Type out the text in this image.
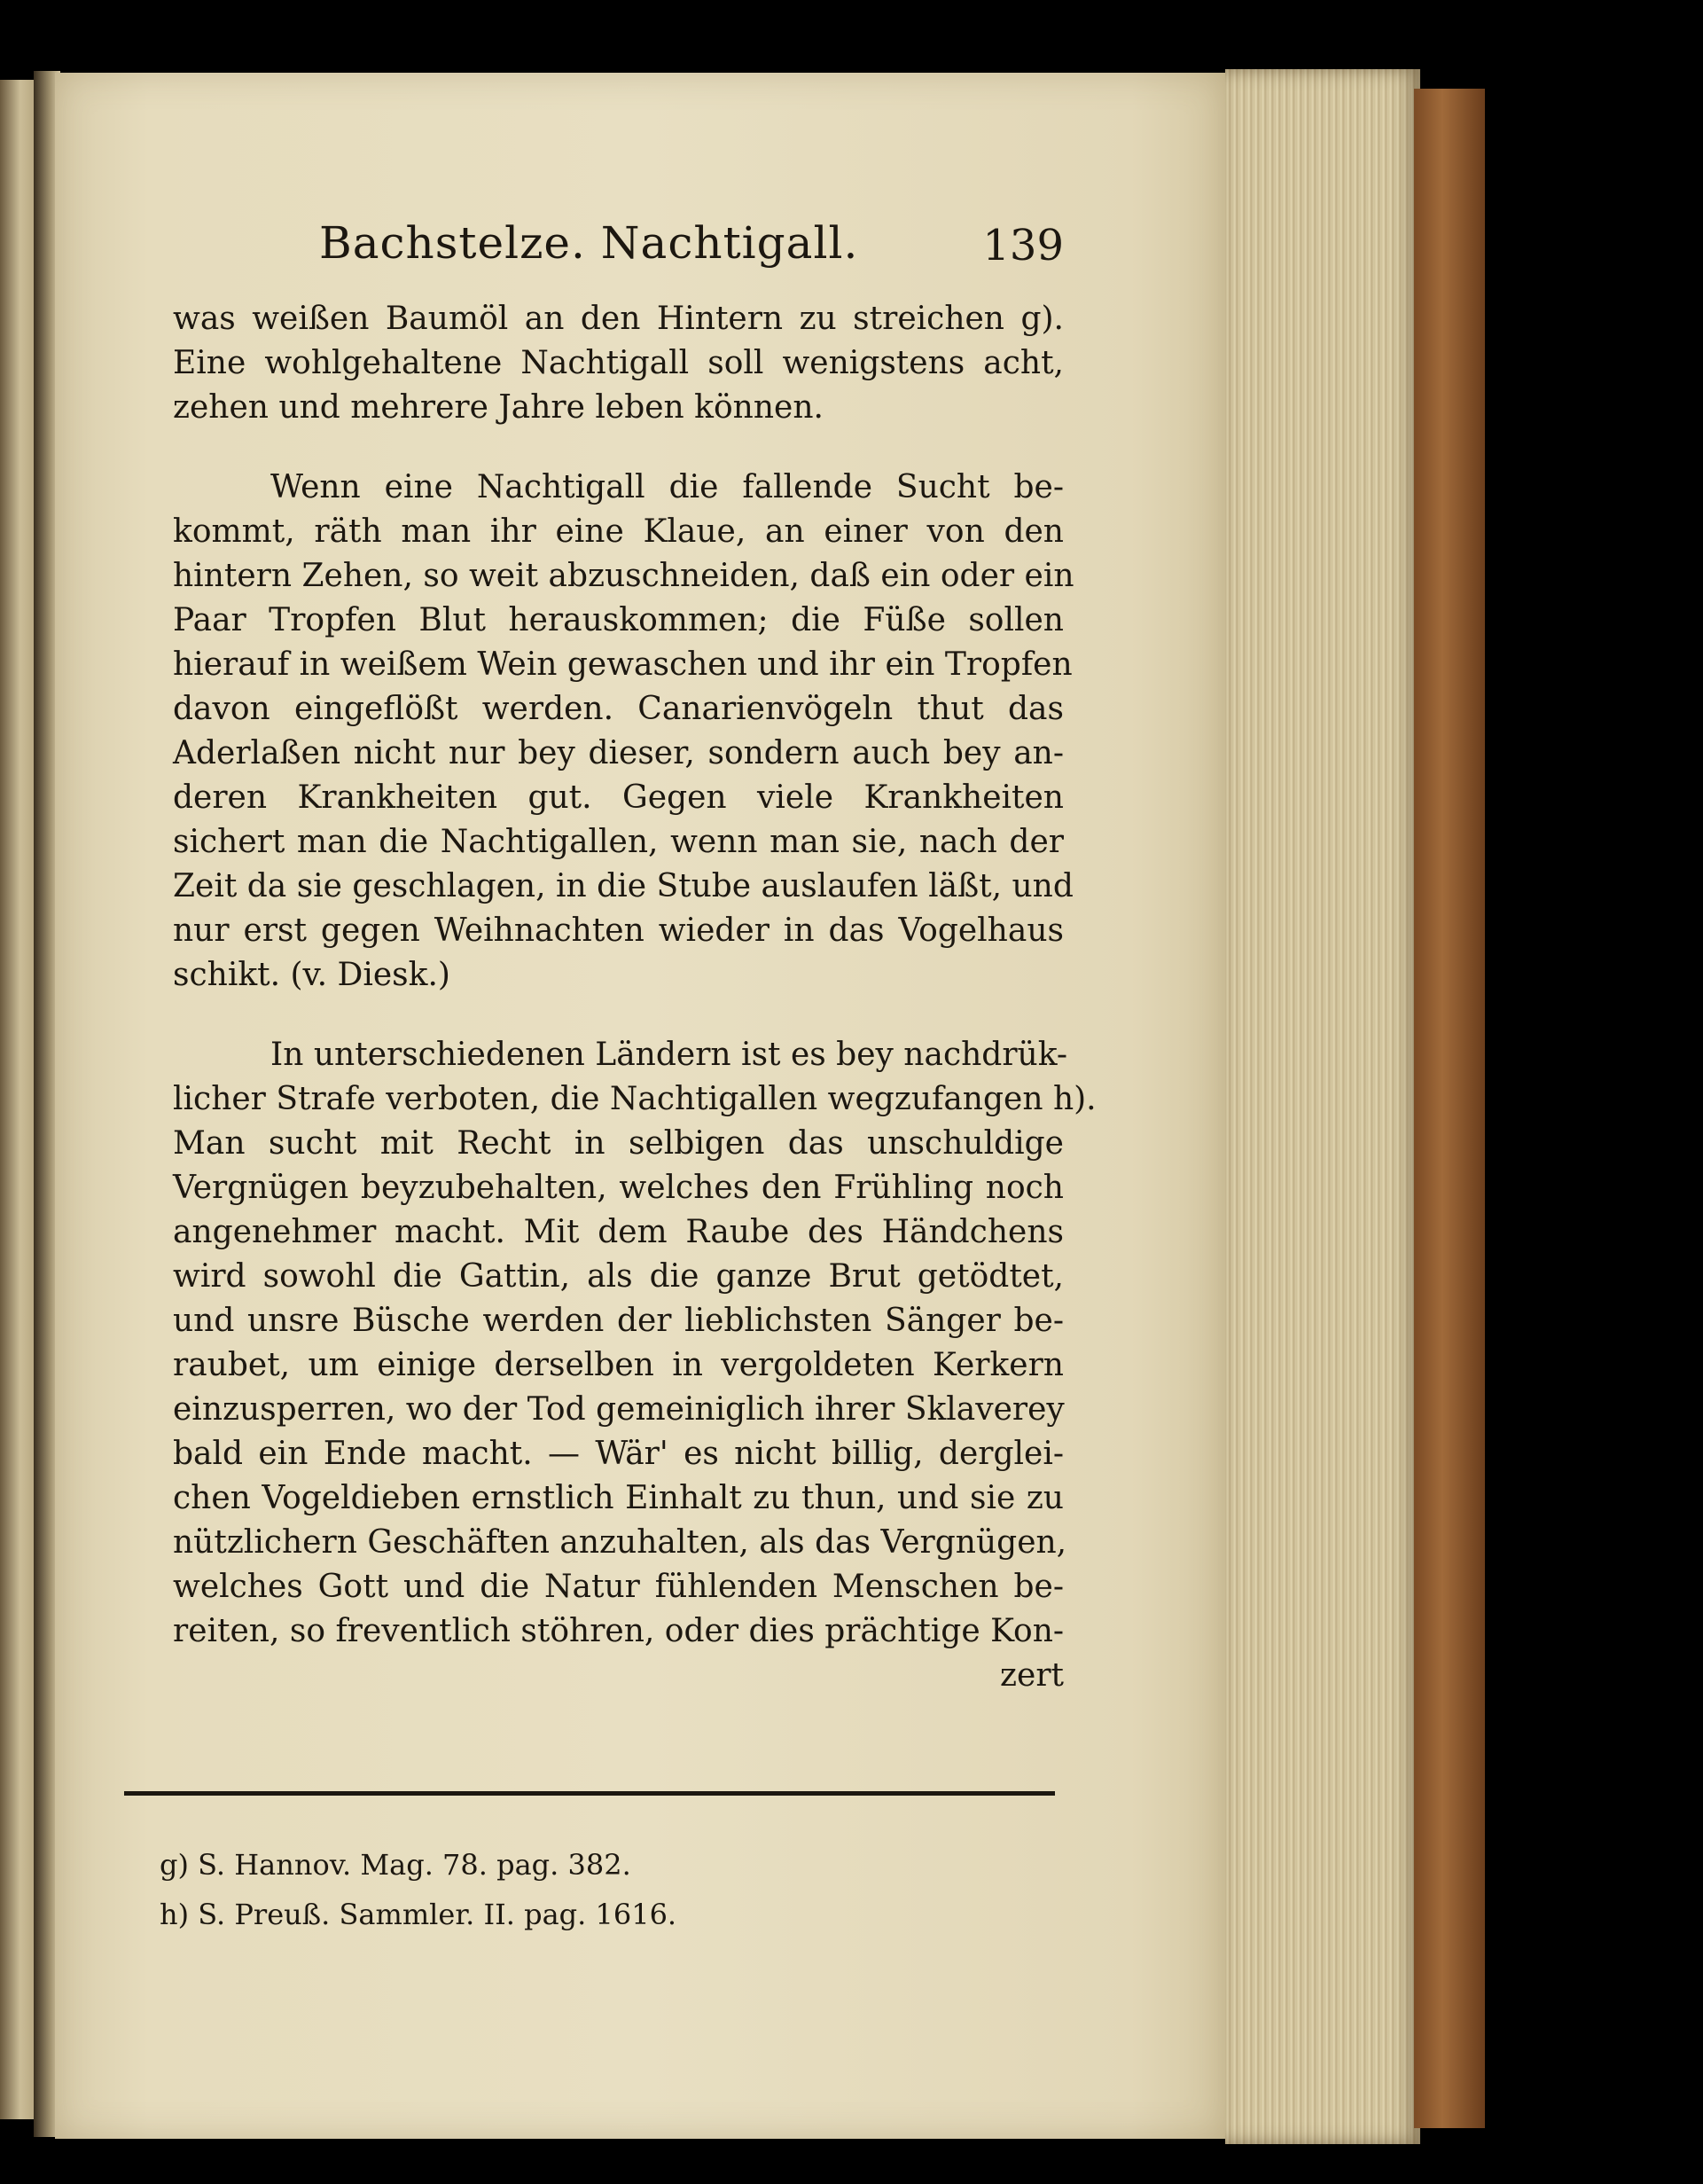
Bachstelze. Nachtigall.	139

was weißen Baumöl an den Hintern zu streichen g).
Eine wohlgehaltene Nachtigall soll wenigstens acht,
zehen und mehrere Jahre leben können.

Wenn eine Nachtigall die fallende Sucht be-
kommt, räth man ihr eine Klaue, an einer von den
hintern Zehen, so weit abzuschneiden, daß ein oder ein
Paar Tropfen Blut herauskommen; die Füße sollen
hierauf in weißem Wein gewaschen und ihr ein Tropfen
davon eingeflößt werden. Canarienvögeln thut das
Aderlaßen nicht nur bey dieser, sondern auch bey an-
deren Krankheiten gut. Gegen viele Krankheiten
sichert man die Nachtigallen, wenn man sie, nach der
Zeit da sie geschlagen, in die Stube auslaufen läßt, und
nur erst gegen Weihnachten wieder in das Vogelhaus
schikt. (v. Diesk.)

In unterschiedenen Ländern ist es bey nachdrük-
licher Strafe verboten, die Nachtigallen wegzufangen h).
Man sucht mit Recht in selbigen das unschuldige
Vergnügen beyzubehalten, welches den Frühling noch
angenehmer macht. Mit dem Raube des Händchens
wird sowohl die Gattin, als die ganze Brut getödtet,
und unsre Büsche werden der lieblichsten Sänger be-
raubet, um einige derselben in vergoldeten Kerkern
einzusperren, wo der Tod gemeiniglich ihrer Sklaverey
bald ein Ende macht. — Wär' es nicht billig, derglei-
chen Vogeldieben ernstlich Einhalt zu thun, und sie zu
nützlichern Geschäften anzuhalten, als das Vergnügen,
welches Gott und die Natur fühlenden Menschen be-
reiten, so freventlich stöhren, oder dies prächtige Kon-

zert
g) S. Hannov. Mag. 78. pag. 382.
h) S. Preuß. Sammler. II. pag. 1616.
